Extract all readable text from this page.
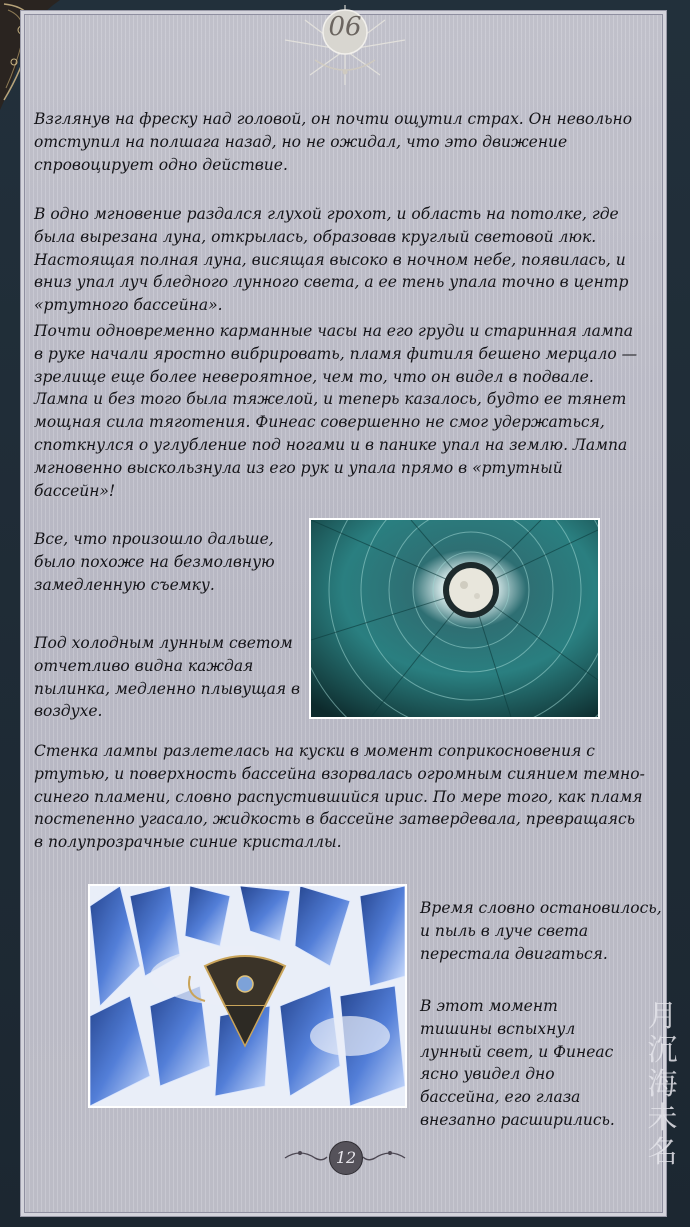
06

Взглянув на фреску над головой, он почти ощутил страх. Он невольно отступил на полшага назад, но не ожидал, что это движение спровоцирует одно действие.

В одно мгновение раздался глухой грохот, и область на потолке, где была вырезана луна, открылась, образовав круглый световой люк. Настоящая полная луна, висящая высоко в ночном небе, появилась, и вниз упал луч бледного лунного света, а ее тень упала точно в центр «ртутного бассейна».

Почти одновременно карманные часы на его груди и старинная лампа в руке начали яростно вибрировать, пламя фитиля бешено мерцало — зрелище еще более невероятное, чем то, что он видел в подвале. Лампа и без того была тяжелой, и теперь казалось, будто ее тянет мощная сила тяготения. Финеас совершенно не смог удержаться, споткнулся о углубление под ногами и в панике упал на землю. Лампа мгновенно выскользнула из его рук и упала прямо в «ртутный бассейн»!

Все, что произошло дальше, было похоже на безмолвную замедленную съемку.

Под холодным лунным светом отчетливо видна каждая пылинка, медленно плывущая в воздухе.

Стенка лампы разлетелась на куски в момент соприкосновения с ртутью, и поверхность бассейна взорвалась огромным сиянием темно-синего пламени, словно распустившийся ирис. По мере того, как пламя постепенно угасало, жидкость в бассейне затвердевала, превращаясь в полупрозрачные синие кристаллы.

Время словно остановилось, и пыль в луче света перестала двигаться.

В этот момент тишины вспыхнул лунный свет, и Финеас ясно увидел дно бассейна, его глаза внезапно расширились.

月
沉
海
未
名
12
